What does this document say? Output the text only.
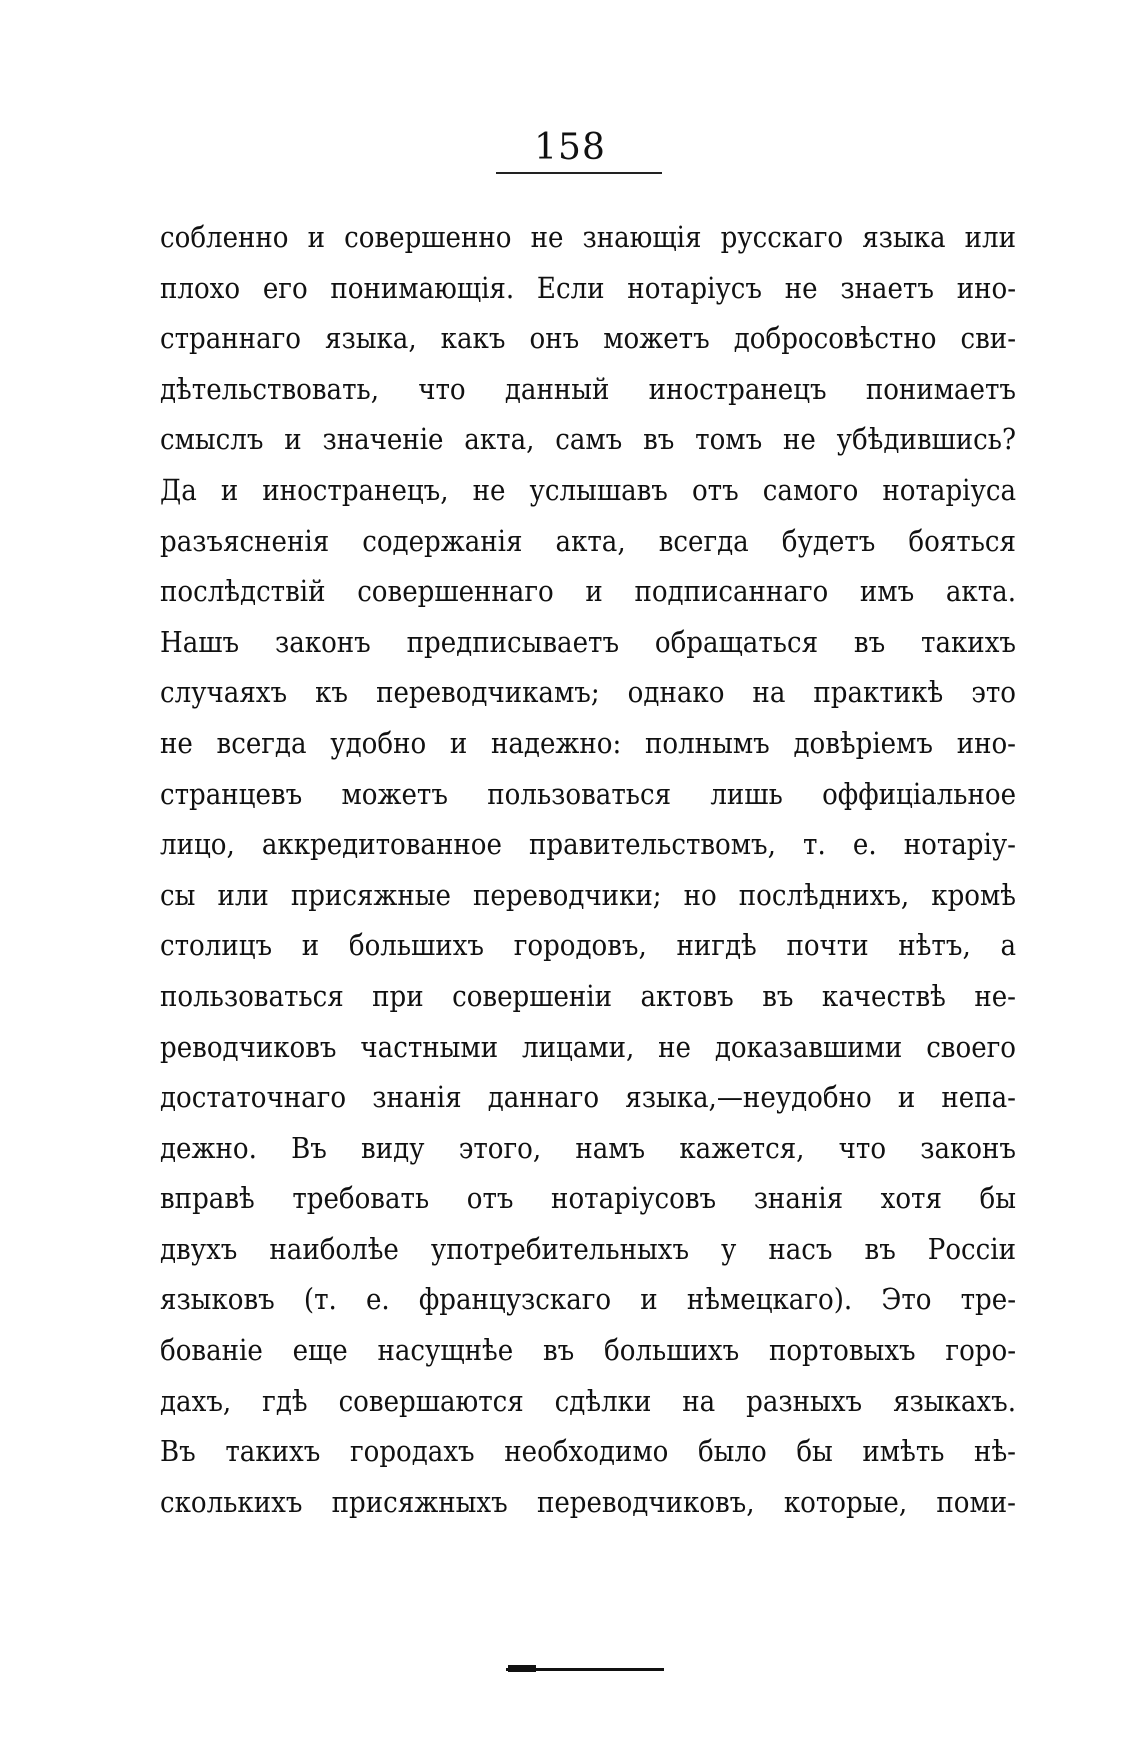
158
собленно и совершенно не знающія русскаго языка или
плохо его понимающія. Если нотаріусъ не знаетъ ино-
страннаго языка, какъ онъ можетъ добросовѣстно сви-
дѣтельствовать, что данный иностранецъ понимаетъ
смыслъ и значеніе акта, самъ въ томъ не убѣдившись?
Да и иностранецъ, не услышавъ отъ самого нотаріуса
разъясненія содержанія акта, всегда будетъ бояться
послѣдствій совершеннаго и подписаннаго имъ акта.
Нашъ законъ предписываетъ обращаться въ такихъ
случаяхъ къ переводчикамъ; однако на практикѣ это
не всегда удобно и надежно: полнымъ довѣріемъ ино-
странцевъ можетъ пользоваться лишь оффиціальное
лицо, аккредитованное правительствомъ, т. е. нотаріу-
сы или присяжные переводчики; но послѣднихъ, кромѣ
столицъ и большихъ городовъ, нигдѣ почти нѣтъ, а
пользоваться при совершеніи актовъ въ качествѣ не-
реводчиковъ частными лицами, не доказавшими своего
достаточнаго знанія даннаго языка,—неудобно и непа-
дежно. Въ виду этого, намъ кажется, что законъ
вправѣ требовать отъ нотаріусовъ знанія хотя бы
двухъ наиболѣе употребительныхъ у насъ въ Россіи
языковъ (т. е. французскаго и нѣмецкаго). Это тре-
бованіе еще насущнѣе въ большихъ портовыхъ горо-
дахъ, гдѣ совершаются сдѣлки на разныхъ языкахъ.
Въ такихъ городахъ необходимо было бы имѣть нѣ-
сколькихъ присяжныхъ переводчиковъ, которые, поми-
